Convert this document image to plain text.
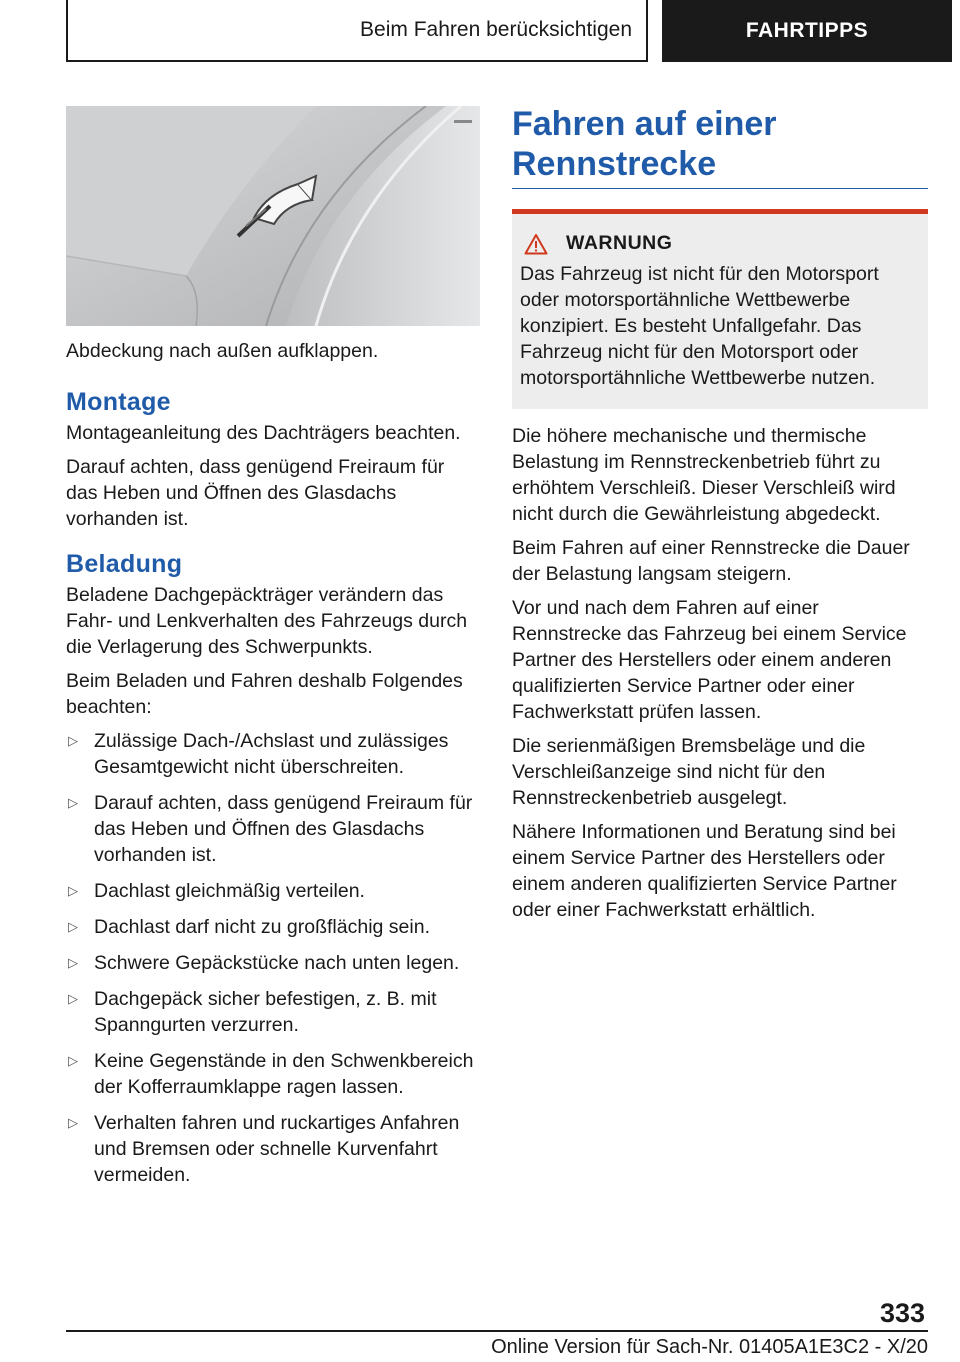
Beim Fahren berücksichtigen	FAHRTIPPS

Abdeckung nach außen aufklappen.

Montage

Montageanleitung des Dachträgers beachten.

Darauf achten, dass genügend Freiraum für das Heben und Öffnen des Glasdachs vorhanden ist.

Beladung

Beladene Dachgepäckträger verändern das Fahr- und Lenkverhalten des Fahrzeugs durch die Verlagerung des Schwerpunkts.

Beim Beladen und Fahren deshalb Folgendes beachten:

▷ Zulässige Dach-/Achslast und zulässiges Gesamtgewicht nicht überschreiten.
▷ Darauf achten, dass genügend Freiraum für das Heben und Öffnen des Glasdachs vorhanden ist.
▷ Dachlast gleichmäßig verteilen.
▷ Dachlast darf nicht zu großflächig sein.
▷ Schwere Gepäckstücke nach unten legen.
▷ Dachgepäck sicher befestigen, z. B. mit Spanngurten verzurren.
▷ Keine Gegenstände in den Schwenkbereich der Kofferraumklappe ragen lassen.
▷ Verhalten fahren und ruckartiges Anfahren und Bremsen oder schnelle Kurvenfahrt vermeiden.
Fahren auf einer
Rennstrecke
WARNUNG

Das Fahrzeug ist nicht für den Motorsport oder motorsportähnliche Wettbewerbe konzipiert. Es besteht Unfallgefahr. Das Fahrzeug nicht für den Motorsport oder motorsportähnliche Wettbewerbe nutzen.

Die höhere mechanische und thermische Belastung im Rennstreckenbetrieb führt zu erhöhtem Verschleiß. Dieser Verschleiß wird nicht durch die Gewährleistung abgedeckt.

Beim Fahren auf einer Rennstrecke die Dauer der Belastung langsam steigern.

Vor und nach dem Fahren auf einer Rennstrecke das Fahrzeug bei einem Service Partner des Herstellers oder einem anderen qualifizierten Service Partner oder einer Fachwerkstatt prüfen lassen.

Die serienmäßigen Bremsbeläge und die Verschleißanzeige sind nicht für den Rennstreckenbetrieb ausgelegt.

Nähere Informationen und Beratung sind bei einem Service Partner des Herstellers oder einem anderen qualifizierten Service Partner oder einer Fachwerkstatt erhältlich.

333
Online Version für Sach-Nr. 01405A1E3C2 - X/20
